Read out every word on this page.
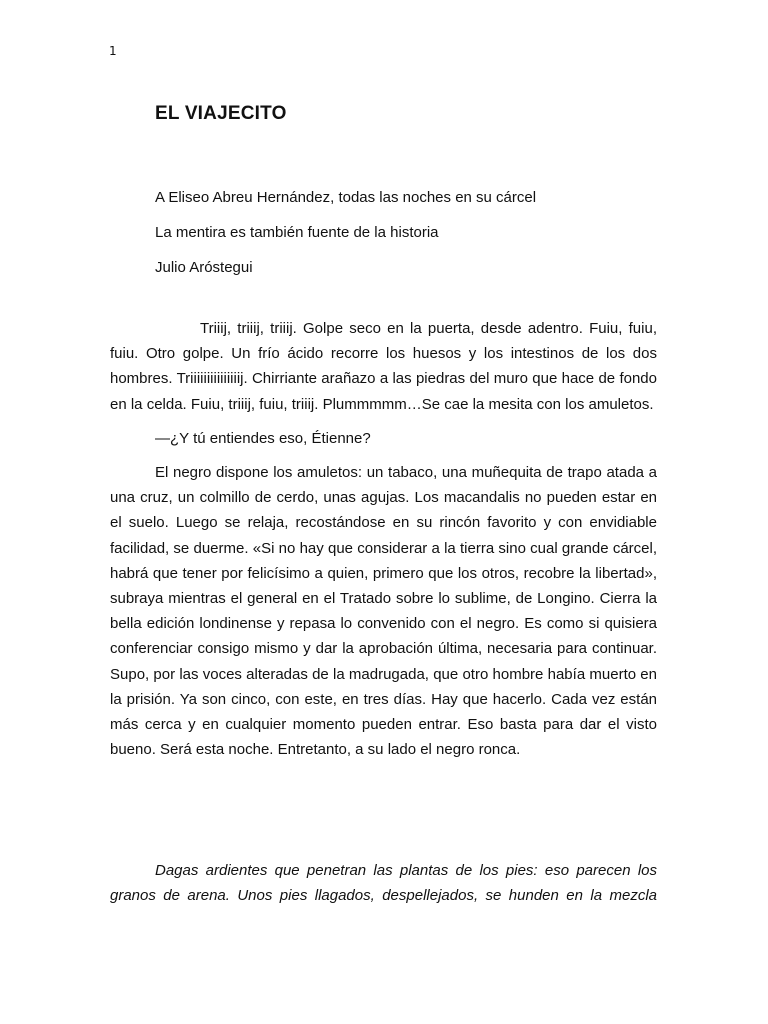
1
EL VIAJECITO
A Eliseo Abreu Hernández, todas las noches en su cárcel
La mentira es también fuente de la historia
Julio Aróstegui

Triiij, triiij, triiij. Golpe seco en la puerta, desde adentro. Fuiu, fuiu, fuiu. Otro golpe. Un frío ácido recorre los huesos y los intestinos de los dos hombres. Triiiiiiiiiiiiiiij. Chirriante arañazo a las piedras del muro que hace de fondo en la celda. Fuiu, triiij, fuiu, triiij. Plummmmm…Se cae la mesita con los amuletos.

—¿Y tú entiendes eso, Étienne?

El negro dispone los amuletos: un tabaco, una muñequita de trapo atada a una cruz, un colmillo de cerdo, unas agujas. Los macandalis no pueden estar en el suelo. Luego se relaja, recostándose en su rincón favorito y con envidiable facilidad, se duerme. «Si no hay que considerar a la tierra sino cual grande cárcel, habrá que tener por felicísimo a quien, primero que los otros, recobre la libertad», subraya mientras el general en el Tratado sobre lo sublime, de Longino. Cierra la bella edición londinense y repasa lo convenido con el negro. Es como si quisiera conferenciar consigo mismo y dar la aprobación última, necesaria para continuar. Supo, por las voces alteradas de la madrugada, que otro hombre había muerto en la prisión. Ya son cinco, con este, en tres días. Hay que hacerlo. Cada vez están más cerca y en cualquier momento pueden entrar. Eso basta para dar el visto bueno. Será esta noche. Entretanto, a su lado el negro ronca.

Dagas ardientes que penetran las plantas de los pies: eso parecen los granos de arena. Unos pies llagados, despellejados, se hunden en la mezcla
